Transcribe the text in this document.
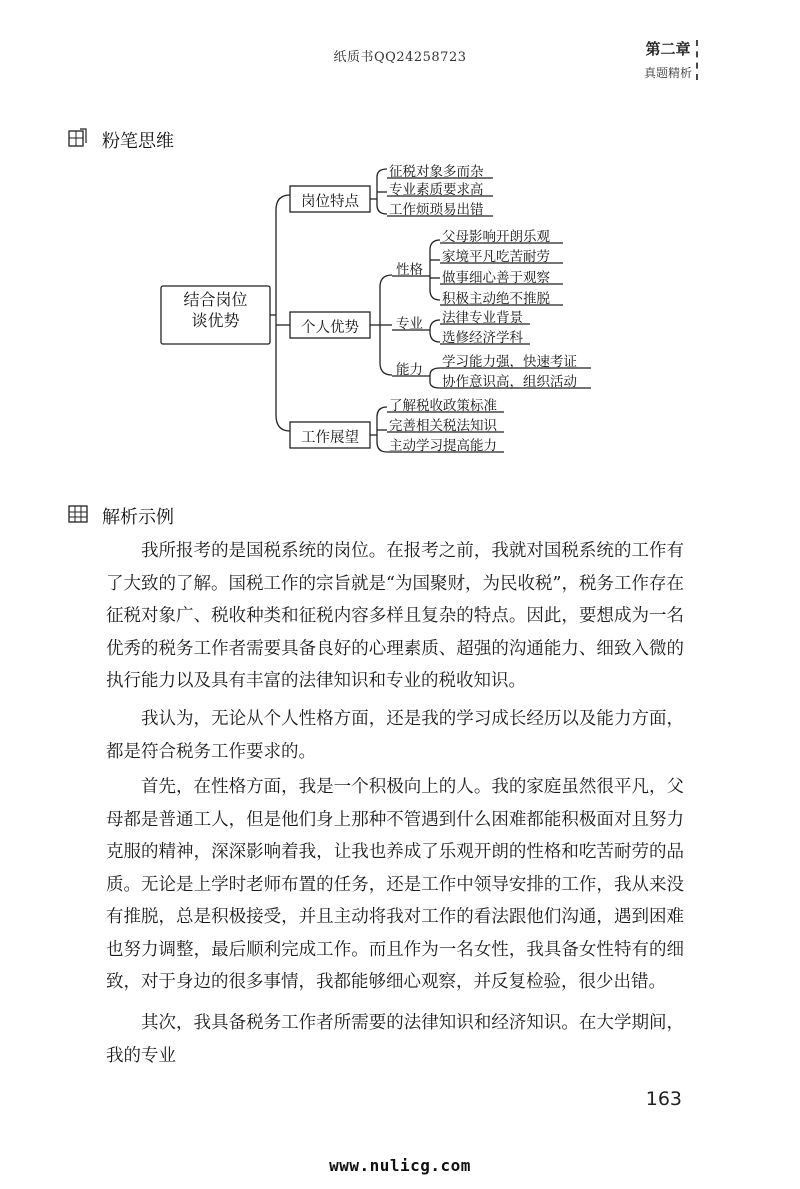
纸质书QQ24258723	第二章
真题精析
粉笔思维
结合岗位
谈优势
岗位特点
个人优势
工作展望
征税对象多而杂
专业素质要求高
工作烦琐易出错
性格
专业
能力
父母影响开朗乐观
家境平凡吃苦耐劳
做事细心善于观察
积极主动绝不推脱
法律专业背景
选修经济学科
学习能力强，快速考证
协作意识高，组织活动
了解税收政策标准
完善相关税法知识
主动学习提高能力
解析示例
我所报考的是国税系统的岗位。在报考之前，我就对国税系统的工作有了大致的了解。国税工作的宗旨就是“为国聚财，为民收税”，税务工作存在征税对象广、税收种类和征税内容多样且复杂的特点。因此，要想成为一名优秀的税务工作者需要具备良好的心理素质、超强的沟通能力、细致入微的执行能力以及具有丰富的法律知识和专业的税收知识。
我认为，无论从个人性格方面，还是我的学习成长经历以及能力方面，都是符合税务工作要求的。
首先，在性格方面，我是一个积极向上的人。我的家庭虽然很平凡，父母都是普通工人，但是他们身上那种不管遇到什么困难都能积极面对且努力克服的精神，深深影响着我，让我也养成了乐观开朗的性格和吃苦耐劳的品质。无论是上学时老师布置的任务，还是工作中领导安排的工作，我从来没有推脱，总是积极接受，并且主动将我对工作的看法跟他们沟通，遇到困难也努力调整，最后顺利完成工作。而且作为一名女性，我具备女性特有的细致，对于身边的很多事情，我都能够细心观察，并反复检验，很少出错。
其次，我具备税务工作者所需要的法律知识和经济知识。在大学期间，我的专业
163
www.nulicg.com
